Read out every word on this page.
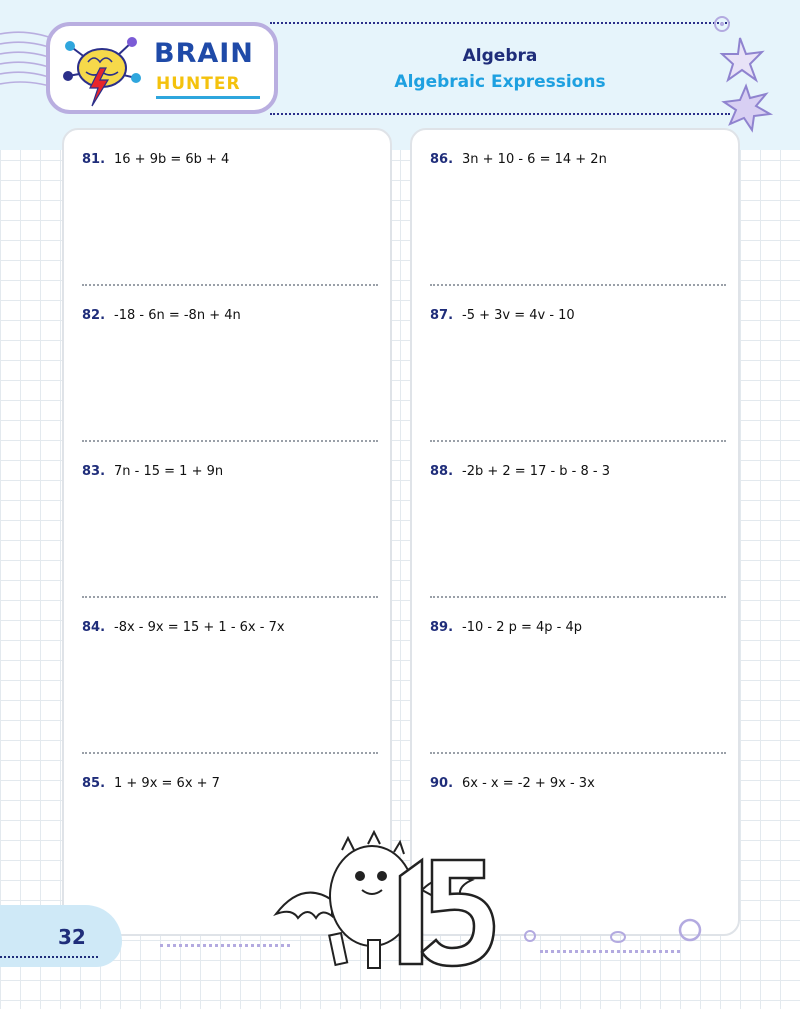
BRAIN
HUNTER
Algebra
Algebraic Expressions
81. 16 + 9b = 6b + 4
82. -18 - 6n = -8n + 4n
83. 7n - 15 = 1 + 9n
84. -8x - 9x = 15 + 1 - 6x - 7x
85. 1 + 9x = 6x + 7
86. 3n + 10 - 6 = 14 + 2n
87. -5 + 3v = 4v - 10
88. -2b + 2 = 17 - b - 8 - 3
89. -10 - 2 p = 4p - 4p
90. 6x - x = -2 + 9x - 3x
32
15
